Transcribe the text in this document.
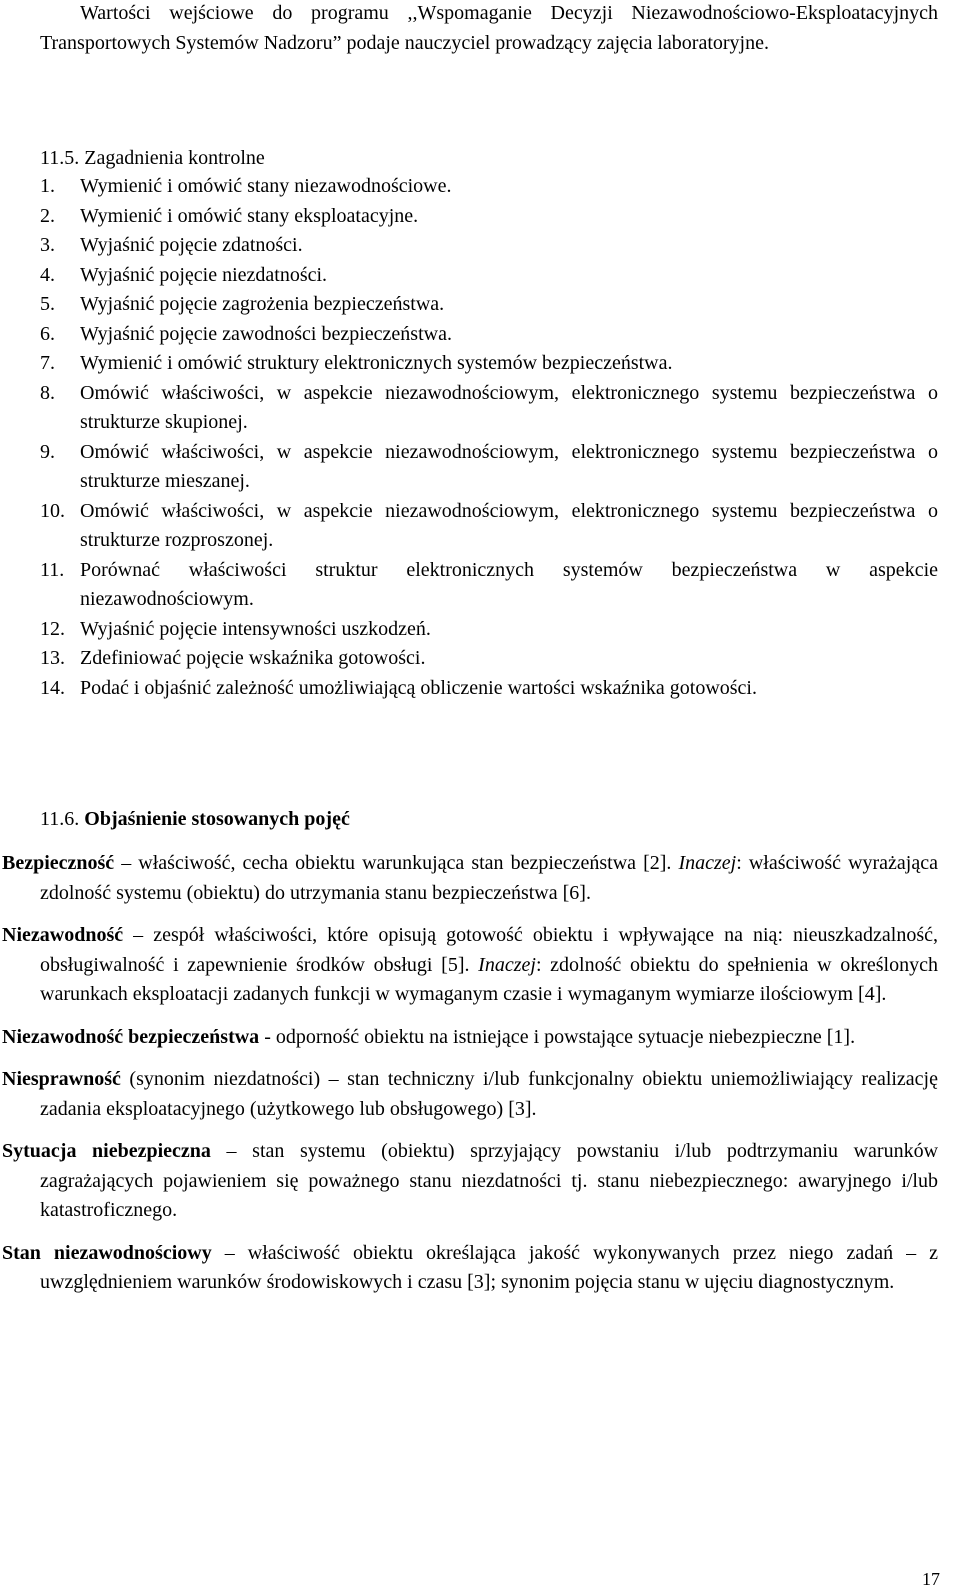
Wartości wejściowe do programu ,,Wspomaganie Decyzji Niezawodnościowo-Eksploatacyjnych Transportowych Systemów Nadzoru” podaje nauczyciel prowadzący zajęcia laboratoryjne.

11.5. Zagadnienia kontrolne
1.	Wymienić i omówić stany niezawodnościowe.
2.	Wymienić i omówić stany eksploatacyjne.
3.	Wyjaśnić pojęcie zdatności.
4.	Wyjaśnić pojęcie niezdatności.
5.	Wyjaśnić pojęcie zagrożenia bezpieczeństwa.
6.	Wyjaśnić pojęcie zawodności bezpieczeństwa.
7.	Wymienić i omówić struktury elektronicznych systemów bezpieczeństwa.
8.	Omówić właściwości, w aspekcie niezawodnościowym, elektronicznego systemu bezpieczeństwa o strukturze skupionej.
9.	Omówić właściwości, w aspekcie niezawodnościowym, elektronicznego systemu bezpieczeństwa o strukturze mieszanej.
10. Omówić właściwości, w aspekcie niezawodnościowym, elektronicznego systemu bezpieczeństwa o strukturze rozproszonej.
11. Porównać właściwości struktur elektronicznych systemów bezpieczeństwa w aspekcie niezawodnościowym.
12. Wyjaśnić pojęcie intensywności uszkodzeń.
13. Zdefiniować pojęcie wskaźnika gotowości.
14. Podać i objaśnić zależność umożliwiającą obliczenie wartości wskaźnika gotowości.
11.6. Objaśnienie stosowanych pojęć

Bezpieczność – właściwość, cecha obiektu warunkująca stan bezpieczeństwa [2]. Inaczej: właściwość wyrażająca zdolność systemu (obiektu) do utrzymania stanu bezpieczeństwa [6].

Niezawodność – zespół właściwości, które opisują gotowość obiektu i wpływające na nią: nieuszkadzalność, obsługiwalność i zapewnienie środków obsługi [5]. Inaczej: zdolność obiektu do spełnienia w określonych warunkach eksploatacji zadanych funkcji w wymaganym czasie i wymaganym wymiarze ilościowym [4].

Niezawodność bezpieczeństwa - odporność obiektu na istniejące i powstające sytuacje niebezpieczne [1].

Niesprawność (synonim niezdatności) – stan techniczny i/lub funkcjonalny obiektu uniemożliwiający realizację zadania eksploatacyjnego (użytkowego lub obsługowego) [3].

Sytuacja niebezpieczna – stan systemu (obiektu) sprzyjający powstaniu i/lub podtrzymaniu warunków zagrażających pojawieniem się poważnego stanu niezdatności tj. stanu niebezpiecznego: awaryjnego i/lub katastroficznego.

Stan niezawodnościowy – właściwość obiektu określająca jakość wykonywanych przez niego zadań – z uwzględnieniem warunków środowiskowych i czasu [3]; synonim pojęcia stanu w ujęciu diagnostycznym.

17
